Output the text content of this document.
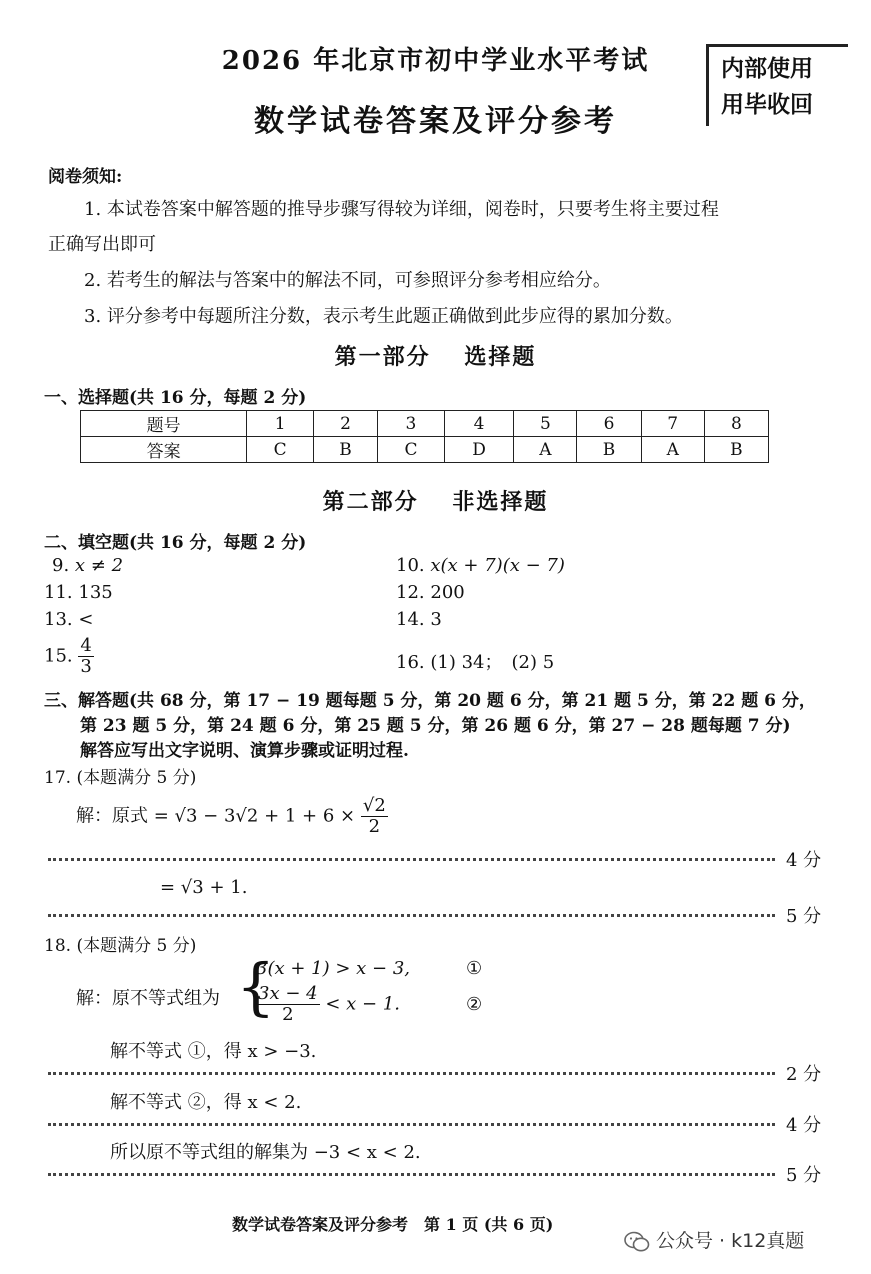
2026 年北京市初中学业水平考试
数学试卷答案及评分参考
内部使用
用毕收回
阅卷须知:
1. 本试卷答案中解答题的推导步骤写得较为详细，阅卷时，只要考生将主要过程
正确写出即可
2. 若考生的解法与答案中的解法不同，可参照评分参考相应给分。
3. 评分参考中每题所注分数，表示考生此题正确做到此步应得的累加分数。
第一部分　 选择题
一、选择题(共 16 分，每题 2 分)
题号	1	2	3	4	5	6	7	8
答案	C	B	C	D	A	B	A	B
第二部分　 非选择题
二、填空题(共 16 分，每题 2 分)
9. x ≠ 2	10. x(x + 7)(x − 7)
11. 135	12. 200
13. <	14. 3
15. $\frac{4}{3}$	16. (1) 34；　(2) 5
三、解答题(共 68 分，第 17 − 19 题每题 5 分，第 20 题 6 分，第 21 题 5 分，第 22 题 6 分，
第 23 题 5 分，第 24 题 6 分，第 25 题 5 分，第 26 题 6 分，第 27 − 28 题每题 7 分)
解答应写出文字说明、演算步骤或证明过程.
17. (本题满分 5 分)
解：原式 = $√3 - 3√2 + 1 + 6 \times \frac{√2}{2}$
4 分
= √3 + 1.
5 分
18. (本题满分 5 分)
解：原不等式组为 {
3(x + 1) > x − 3,	①
$\frac{3x - 4}{2} < x - 1$.	②
解不等式 ①，得 x > −3.
2 分
解不等式 ②，得 x < 2.
4 分
所以原不等式组的解集为 −3 < x < 2.
5 分
数学试卷答案及评分参考　第 1 页 (共 6 页)
公众号 · k12真题
